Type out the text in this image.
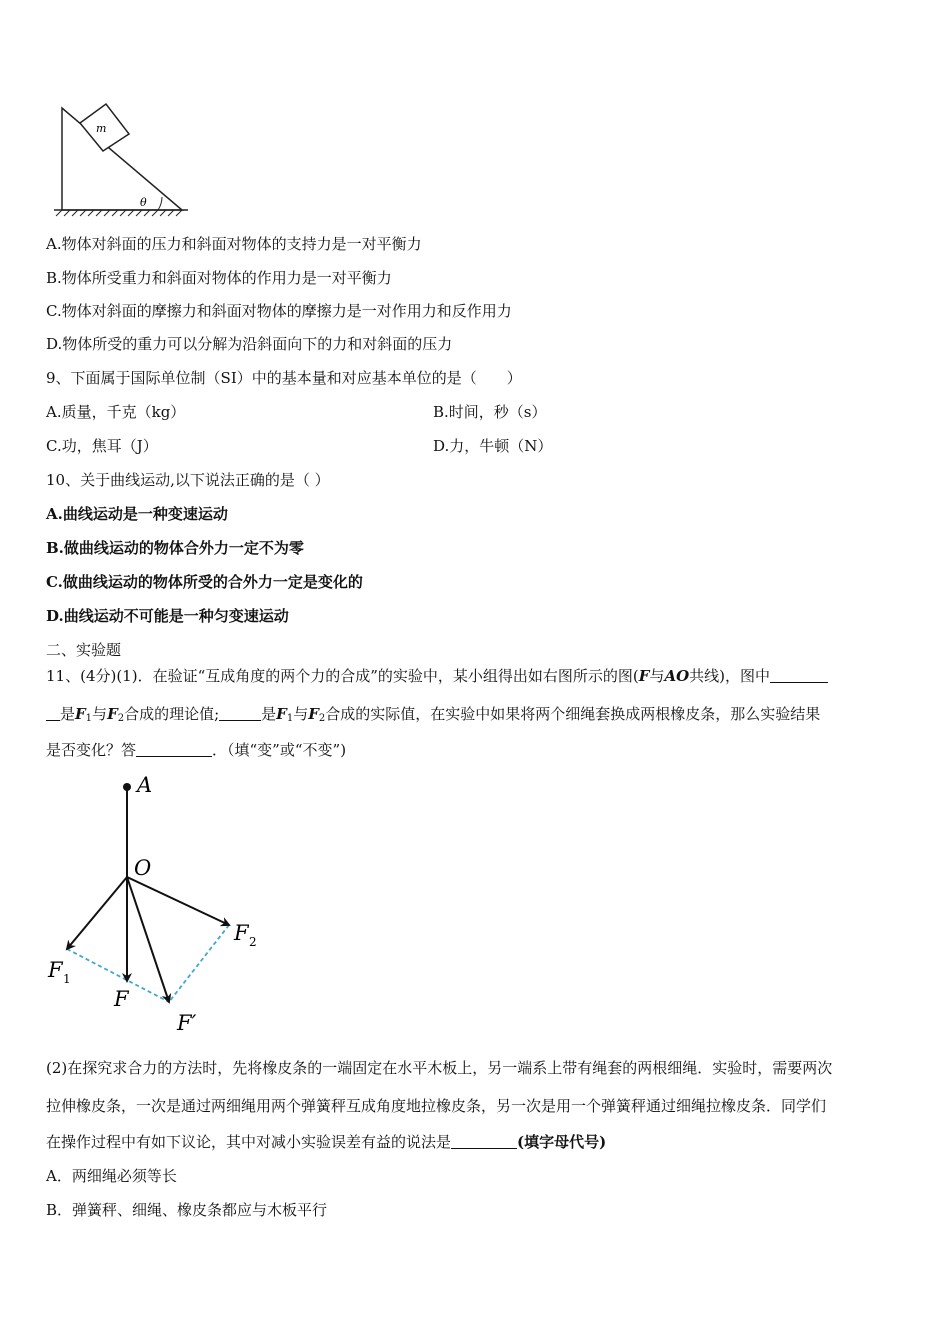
m
θ
A.物体对斜面的压力和斜面对物体的支持力是一对平衡力
B.物体所受重力和斜面对物体的作用力是一对平衡力
C.物体对斜面的摩擦力和斜面对物体的摩擦力是一对作用力和反作用力
D.物体所受的重力可以分解为沿斜面向下的力和对斜面的压力
9、下面属于国际单位制（SI）中的基本量和对应基本单位的是（　　）
A.质量，千克（kg）	B.时间，秒（s）
C.功，焦耳（J）	D.力，牛顿（N）
10、关于曲线运动,以下说法正确的是（ ）
A.曲线运动是一种变速运动
B.做曲线运动的物体合外力一定不为零
C.做曲线运动的物体所受的合外力一定是变化的
D.曲线运动不可能是一种匀变速运动
二、实验题
11、(4分)(1)．在验证“互成角度的两个力的合成”的实验中，某小组得出如右图所示的图(F与AO共线)，图中
是$F_1$与$F_2$合成的理论值;	是$F_1$与$F_2$合成的实际值，在实验中如果将两个细绳套换成两根橡皮条，那么实验结果
是否变化？答	．（填“变”或“不变”)
A
O
F 1
F 2
F
F′
(2)在探究求合力的方法时，先将橡皮条的一端固定在水平木板上，另一端系上带有绳套的两根细绳．实验时，需要两次
拉伸橡皮条，一次是通过两细绳用两个弹簧秤互成角度地拉橡皮条，另一次是用一个弹簧秤通过细绳拉橡皮条．同学们
在操作过程中有如下议论，其中对减小实验误差有益的说法是	(填字母代号)
A．两细绳必须等长
B．弹簧秤、细绳、橡皮条都应与木板平行
